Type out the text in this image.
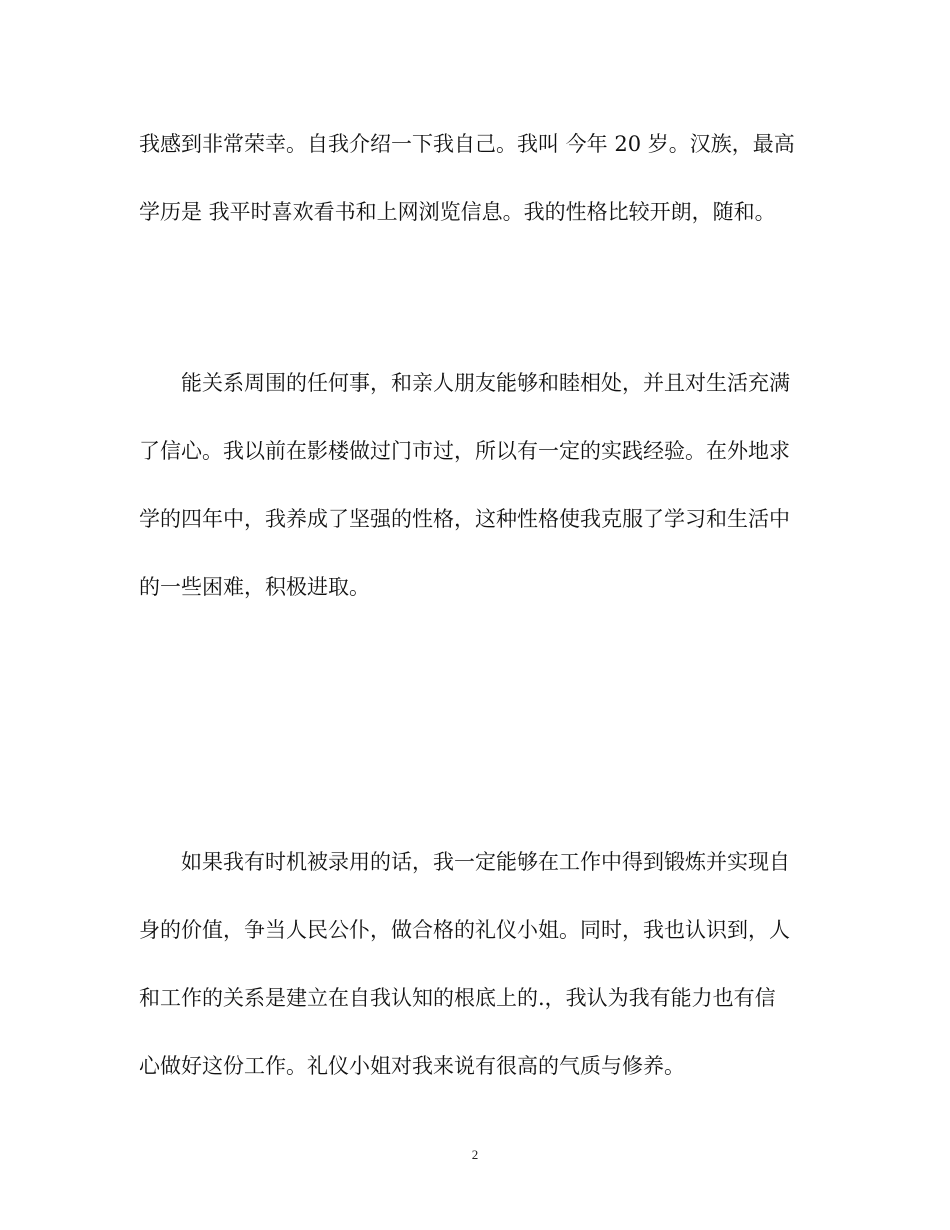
我感到非常荣幸。自我介绍一下我自己。我叫 今年 20 岁。汉族，最高
学历是 我平时喜欢看书和上网浏览信息。我的性格比较开朗，随和。

能关系周围的任何事，和亲人朋友能够和睦相处，并且对生活充满
了信心。我以前在影楼做过门市过，所以有一定的实践经验。在外地求
学的四年中，我养成了坚强的性格，这种性格使我克服了学习和生活中
的一些困难，积极进取。

如果我有时机被录用的话，我一定能够在工作中得到锻炼并实现自
身的价值，争当人民公仆，做合格的礼仪小姐。同时，我也认识到，人
和工作的关系是建立在自我认知的根底上的.，我认为我有能力也有信
心做好这份工作。礼仪小姐对我来说有很高的气质与修养。

2
